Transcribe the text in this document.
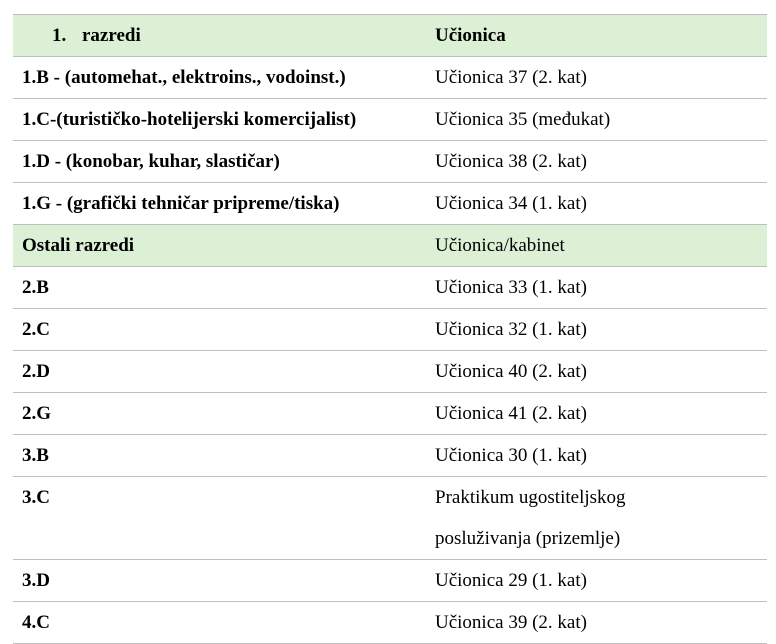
1. razredi	Učionica
1.B - (automehat., elektroins., vodoinst.)	Učionica 37 (2. kat)
1.C-(turističko-hotelijerski komercijalist)	Učionica 35 (međukat)
1.D - (konobar, kuhar, slastičar)	Učionica 38 (2. kat)
1.G - (grafički tehničar pripreme/tiska)	Učionica 34 (1. kat)
Ostali razredi	Učionica/kabinet
2.B	Učionica 33 (1. kat)
2.C	Učionica 32 (1. kat)
2.D	Učionica 40 (2. kat)
2.G	Učionica 41 (2. kat)
3.B	Učionica 30 (1. kat)
3.C	Praktikum ugostiteljskog
posluživanja (prizemlje)

3.D	Učionica 29 (1. kat)
4.C	Učionica 39 (2. kat)
